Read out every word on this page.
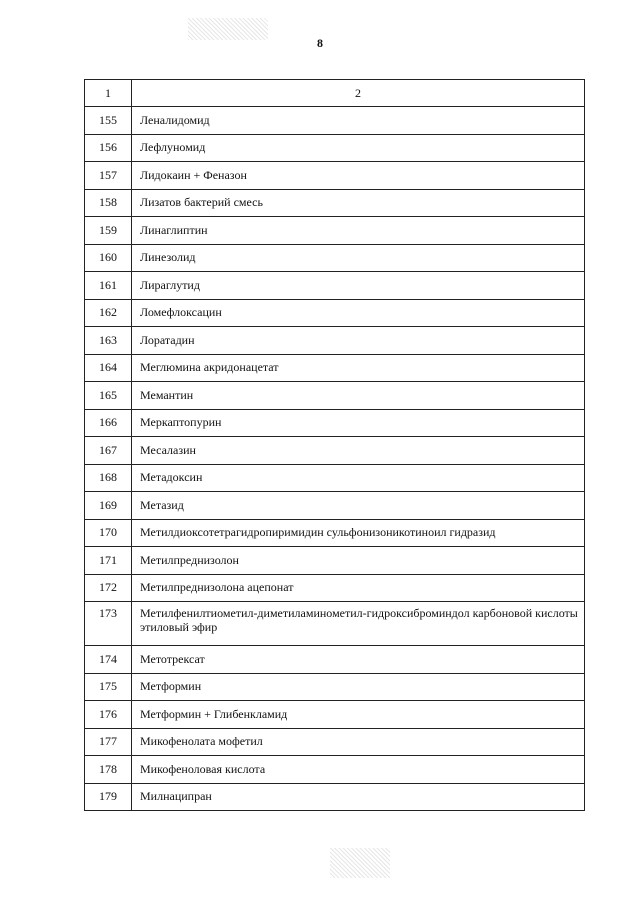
8
1	2
155	Леналидомид
156	Лефлуномид
157	Лидокаин + Феназон
158	Лизатов бактерий смесь
159	Линаглиптин
160	Линезолид
161	Лираглутид
162	Ломефлоксацин
163	Лоратадин
164	Меглюмина акридонацетат
165	Мемантин
166	Меркаптопурин
167	Месалазин
168	Метадоксин
169	Метазид
170	Метилдиоксотетрагидропиримидин сульфонизоникотиноил гидразид
171	Метилпреднизолон
172	Метилпреднизолона ацепонат
173	Метилфенилтиометил-диметиламинометил-гидроксиброминдол карбоновой кислоты этиловый эфир
174	Метотрексат
175	Метформин
176	Метформин + Глибенкламид
177	Микофенолата мофетил
178	Микофеноловая кислота
179	Милнаципран
